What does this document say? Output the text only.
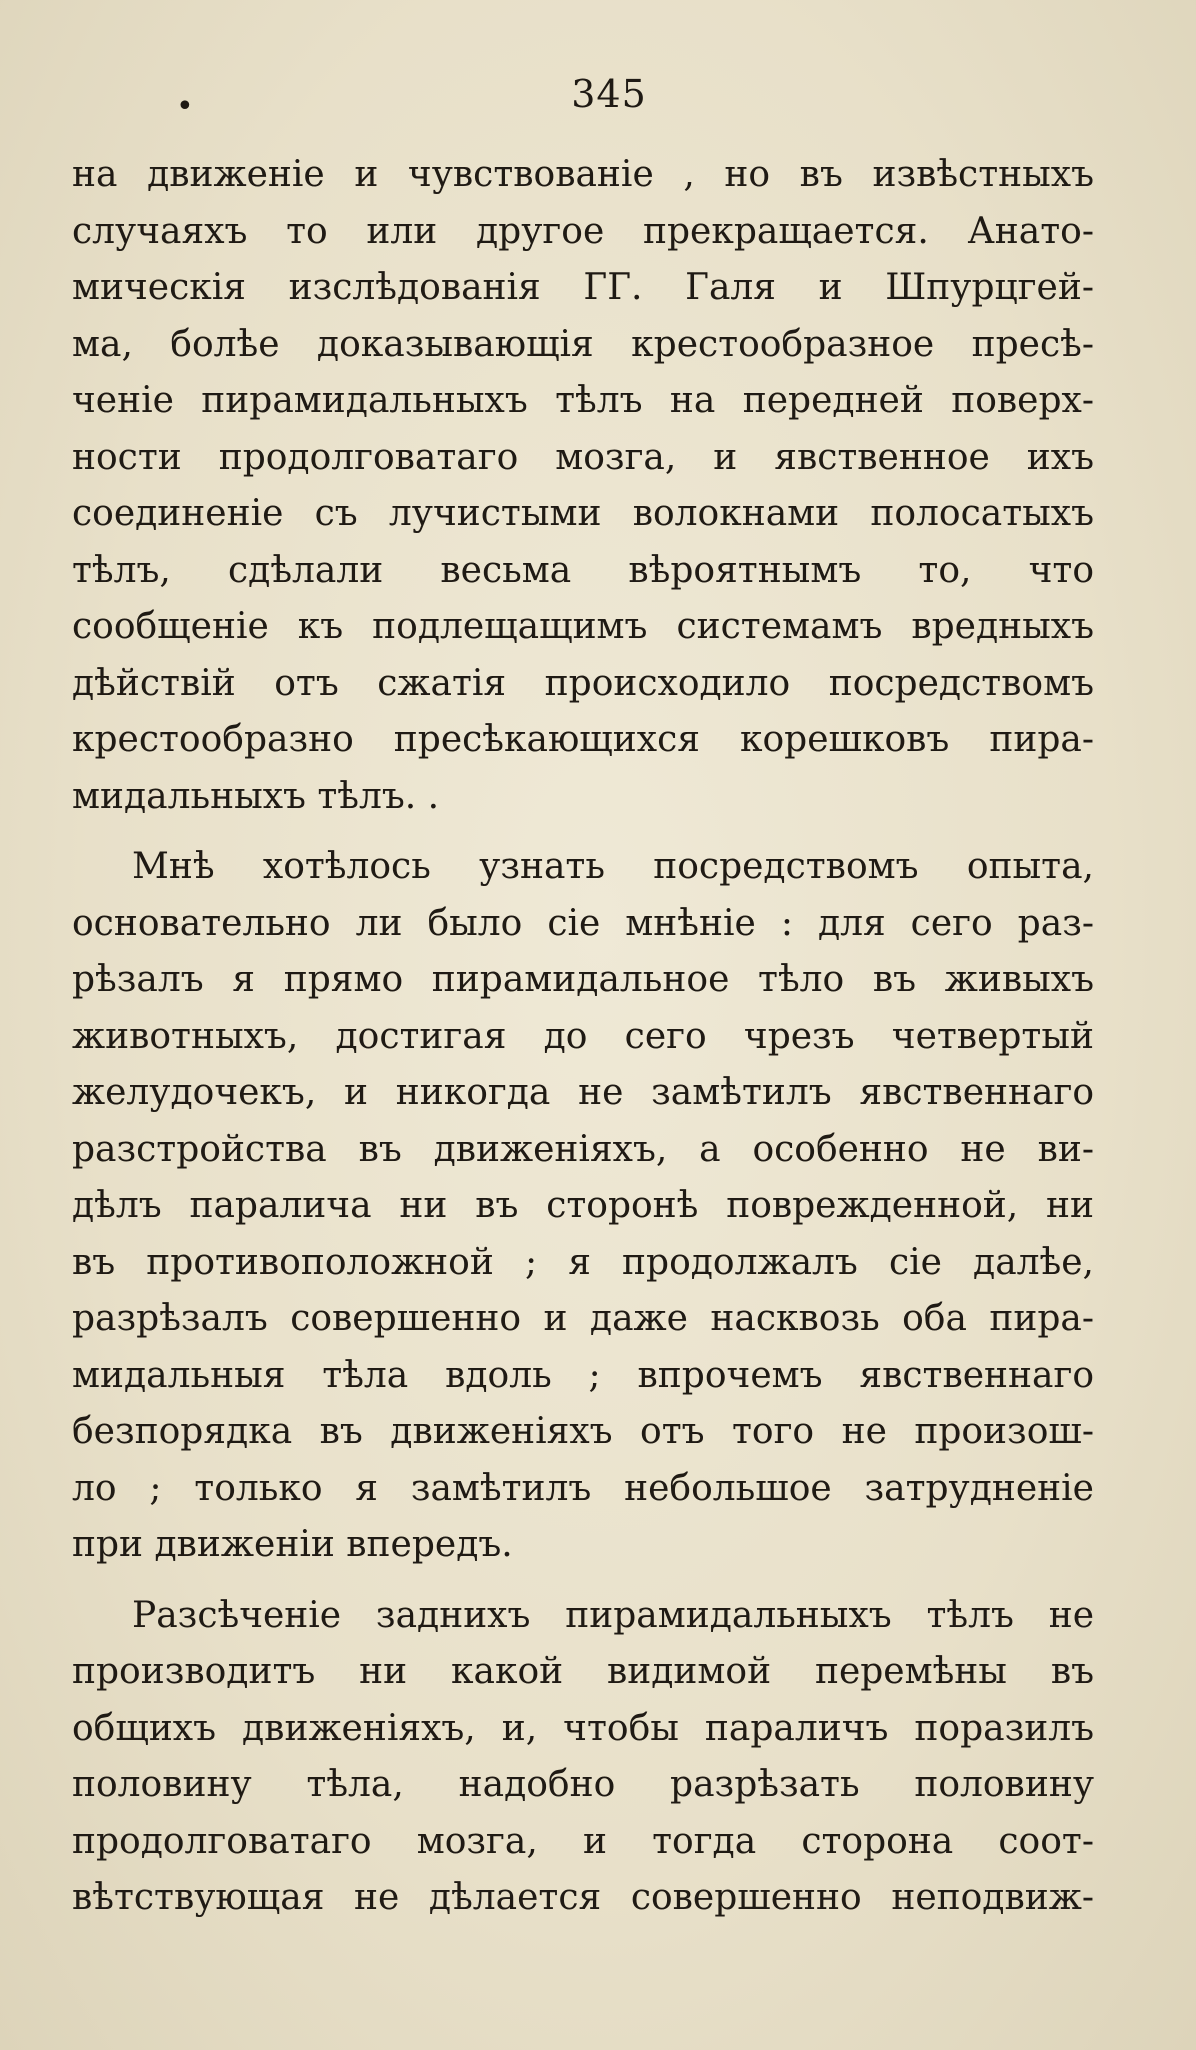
•	345
на движенiе и чувствованiе , но въ извѣстныхъ
случаяхъ то или другое прекращается. Анато-
мическiя изслѣдованiя ГГ. Галя и Шпурцгей-
ма, болѣе доказывающiя крестообразное пресѣ-
ченiе пирамидальныхъ тѣлъ на передней поверх-
ности продолговатаго мозга, и явственное ихъ
соединенiе съ лучистыми волокнами полосатыхъ
тѣлъ, сдѣлали весьма вѣроятнымъ то, что
сообщенiе къ подлещащимъ системамъ вредныхъ
дѣйствiй отъ сжатiя происходило посредствомъ
крестообразно пресѣкающихся корешковъ пира-
мидальныхъ тѣлъ. .
Мнѣ хотѣлось узнать посредствомъ опыта,
основательно ли было сiе мнѣнiе : для сего раз-
рѣзалъ я прямо пирамидальное тѣло въ живыхъ
животныхъ, достигая до сего чрезъ четвертый
желудочекъ, и никогда не замѣтилъ явственнаго
разстройства въ движенiяхъ, а особенно не ви-
дѣлъ паралича ни въ сторонѣ поврежденной, ни
въ противоположной ; я продолжалъ сiе далѣе,
разрѣзалъ совершенно и даже насквозь оба пира-
мидальныя тѣла вдоль ; впрочемъ явственнаго
безпорядка въ движенiяхъ отъ того не произош-
ло ; только я замѣтилъ небольшое затрудненiе
при движенiи впередъ.
Разсѣченiе заднихъ пирамидальныхъ тѣлъ не
производитъ ни какой видимой перемѣны въ
общихъ движенiяхъ, и, чтобы параличъ поразилъ
половину тѣла, надобно разрѣзать половину
продолговатаго мозга, и тогда сторона соот-
вѣтствующая не дѣлается совершенно неподвиж-
